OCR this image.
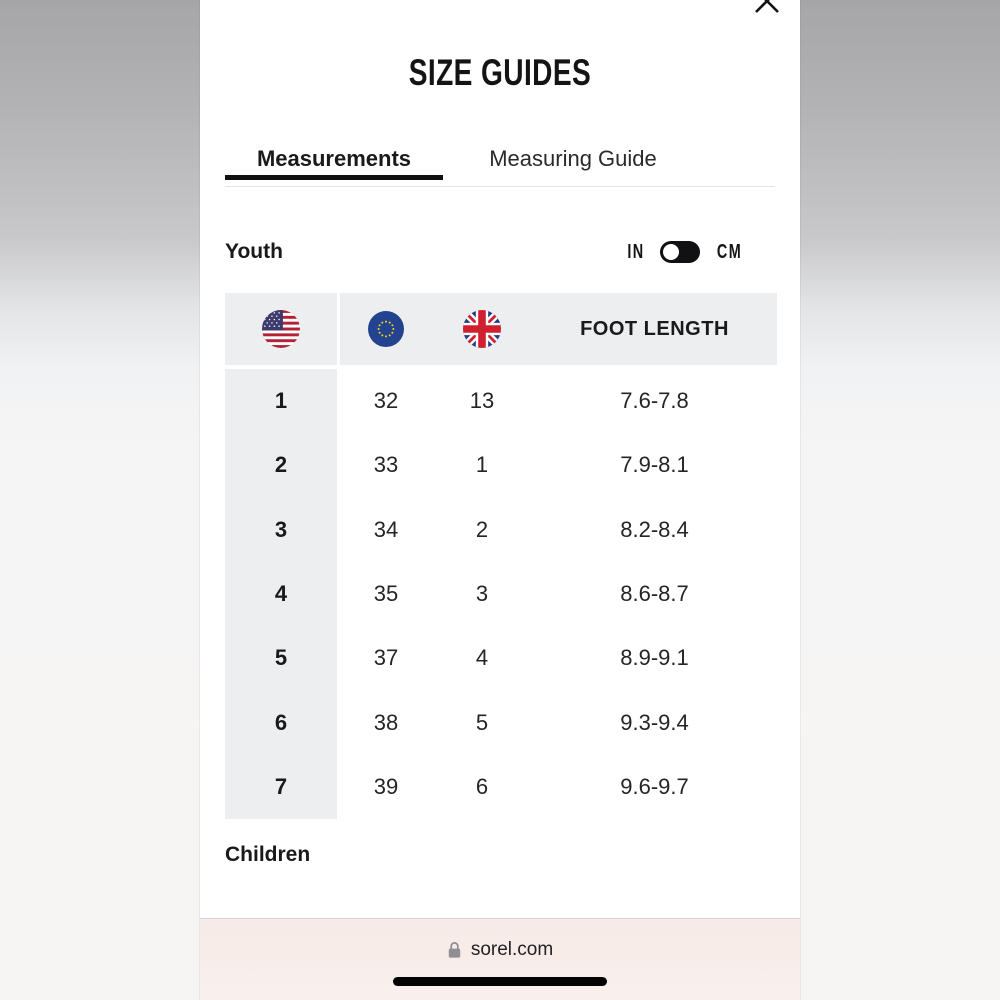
SIZE GUIDES
Measurements	Measuring Guide
Youth	IN	CM
FOOT LENGTH
1	32	13	7.6-7.8
2	33	1	7.9-8.1
3	34	2	8.2-8.4
4	35	3	8.6-8.7
5	37	4	8.9-9.1
6	38	5	9.3-9.4
7	39	6	9.6-9.7
Children
sorel.com
